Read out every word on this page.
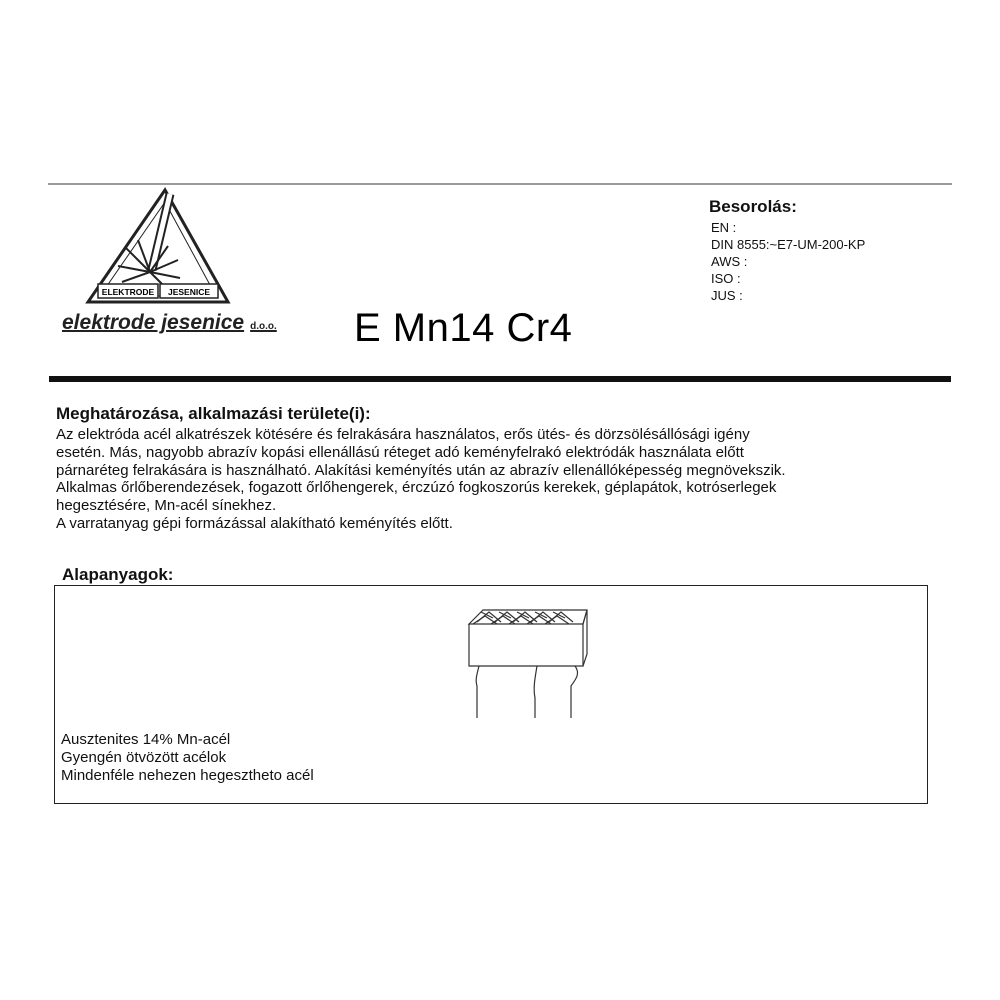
ELEKTRODE JESENICE
elektrode jesenice d.o.o. E Mn14 Cr4
Besorolás:
EN :
DIN 8555:~E7-UM-200-KP
AWS :
ISO :
JUS :
Meghatározása, alkalmazási területe(i):

Az elektróda acél alkatrészek kötésére és felrakására használatos, erős ütés- és dörzsölésállósági igény

esetén. Más, nagyobb abrazív kopási ellenállású réteget adó keményfelrakó elektródák használata előtt

párnaréteg felrakására is használható. Alakítási keményítés után az abrazív ellenállóképesség megnövekszik.

Alkalmas őrlőberendezések, fogazott őrlőhengerek, érczúzó fogkoszorús kerekek, géplapátok, kotróserlegek

hegesztésére, Mn-acél sínekhez.

A varratanyag gépi formázással alakítható keményítés előtt.

Alapanyagok:
Ausztenites 14% Mn-acél
Gyengén ötvözött acélok
Mindenféle nehezen hegesztheto acél
